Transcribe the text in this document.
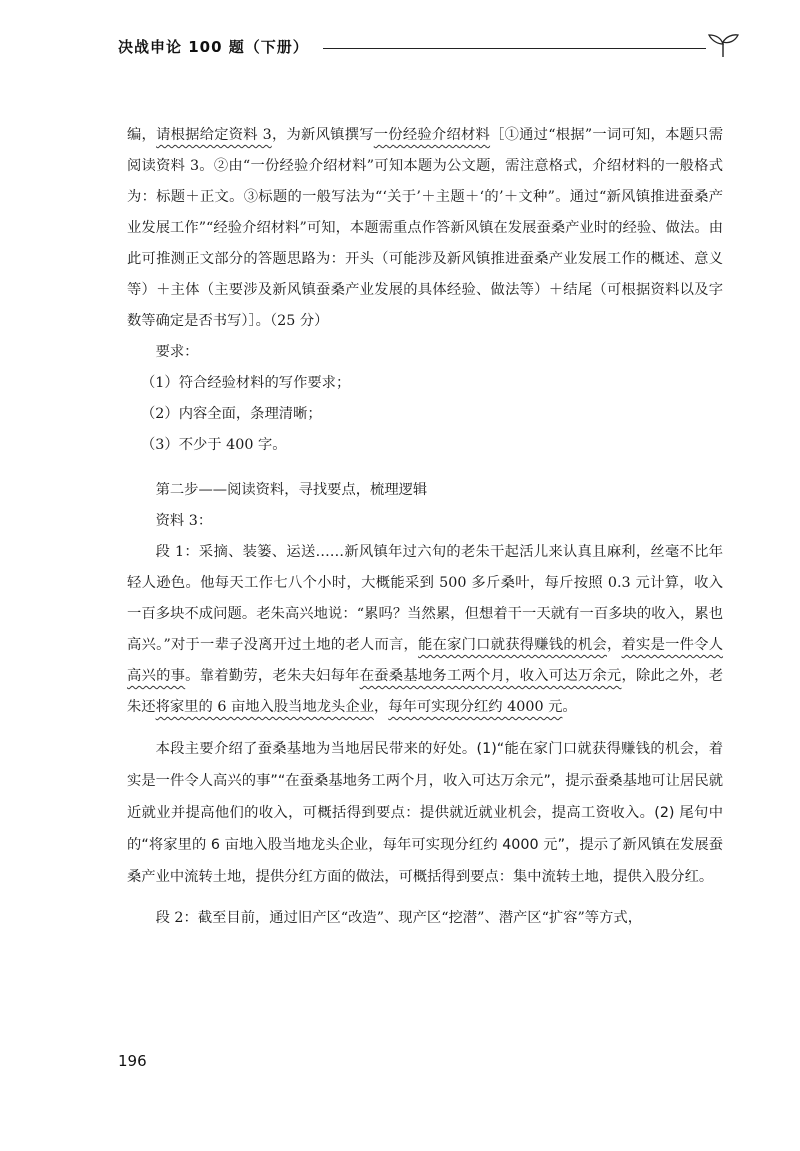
决战申论 100 题（下册）

编，请根据给定资料 3，为新风镇撰写一份经验介绍材料［①通过“根据”一词可知，本题只需阅读资料 3。②由“一份经验介绍材料”可知本题为公文题，需注意格式，介绍材料的一般格式为：标题＋正文。③标题的一般写法为“‘关于’＋主题＋‘的’＋文种”。通过“新风镇推进蚕桑产业发展工作”“经验介绍材料”可知，本题需重点作答新风镇在发展蚕桑产业时的经验、做法。由此可推测正文部分的答题思路为：开头（可能涉及新风镇推进蚕桑产业发展工作的概述、意义等）＋主体（主要涉及新风镇蚕桑产业发展的具体经验、做法等）＋结尾（可根据资料以及字数等确定是否书写）］。（25 分）

要求：

（1）符合经验材料的写作要求；

（2）内容全面，条理清晰；

（3）不少于 400 字。

第二步——阅读资料，寻找要点，梳理逻辑

资料 3：

段 1：采摘、装篓、运送……新风镇年过六旬的老朱干起活儿来认真且麻利，丝毫不比年轻人逊色。他每天工作七八个小时，大概能采到 500 多斤桑叶，每斤按照 0.3 元计算，收入一百多块不成问题。老朱高兴地说：“累吗？当然累，但想着干一天就有一百多块的收入，累也高兴。”对于一辈子没离开过土地的老人而言，能在家门口就获得赚钱的机会，着实是一件令人高兴的事。靠着勤劳，老朱夫妇每年在蚕桑基地务工两个月，收入可达万余元，除此之外，老朱还将家里的 6 亩地入股当地龙头企业，每年可实现分红约 4000 元。

本段主要介绍了蚕桑基地为当地居民带来的好处。(1)“能在家门口就获得赚钱的机会，着实是一件令人高兴的事”“在蚕桑基地务工两个月，收入可达万余元”，提示蚕桑基地可让居民就近就业并提高他们的收入，可概括得到要点：提供就近就业机会，提高工资收入。(2) 尾句中的“将家里的 6 亩地入股当地龙头企业，每年可实现分红约 4000 元”，提示了新风镇在发展蚕桑产业中流转土地，提供分红方面的做法，可概括得到要点：集中流转土地，提供入股分红。

段 2：截至目前，通过旧产区“改造”、现产区“挖潜”、潜产区“扩容”等方式，

196
